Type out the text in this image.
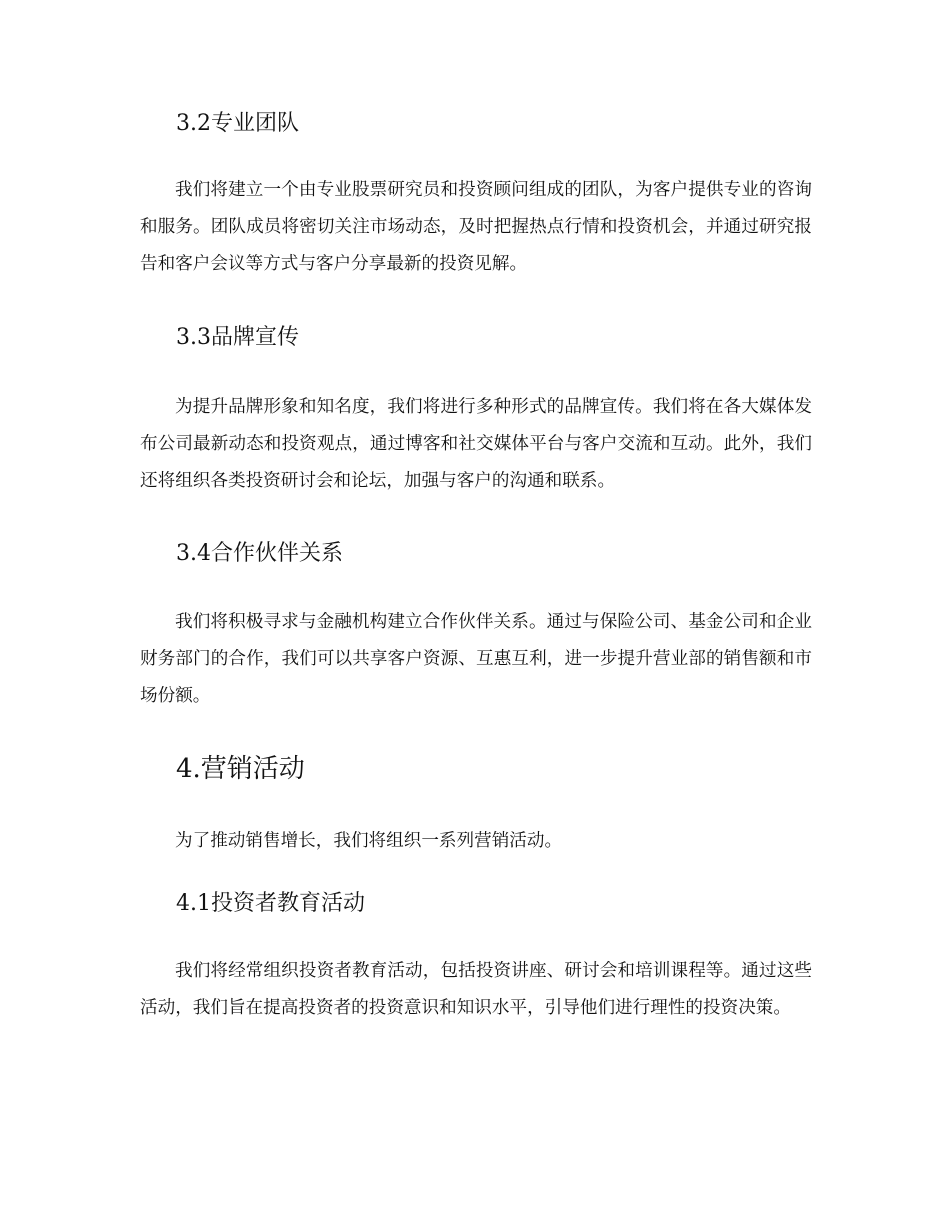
3.2专业团队

我们将建立一个由专业股票研究员和投资顾问组成的团队，为客户提供专业的咨询和服务。团队成员将密切关注市场动态，及时把握热点行情和投资机会，并通过研究报告和客户会议等方式与客户分享最新的投资见解。

3.3品牌宣传

为提升品牌形象和知名度，我们将进行多种形式的品牌宣传。我们将在各大媒体发布公司最新动态和投资观点，通过博客和社交媒体平台与客户交流和互动。此外，我们还将组织各类投资研讨会和论坛，加强与客户的沟通和联系。

3.4合作伙伴关系

我们将积极寻求与金融机构建立合作伙伴关系。通过与保险公司、基金公司和企业财务部门的合作，我们可以共享客户资源、互惠互利，进一步提升营业部的销售额和市场份额。

4.营销活动

为了推动销售增长，我们将组织一系列营销活动。

4.1投资者教育活动

我们将经常组织投资者教育活动，包括投资讲座、研讨会和培训课程等。通过这些活动，我们旨在提高投资者的投资意识和知识水平，引导他们进行理性的投资决策。
